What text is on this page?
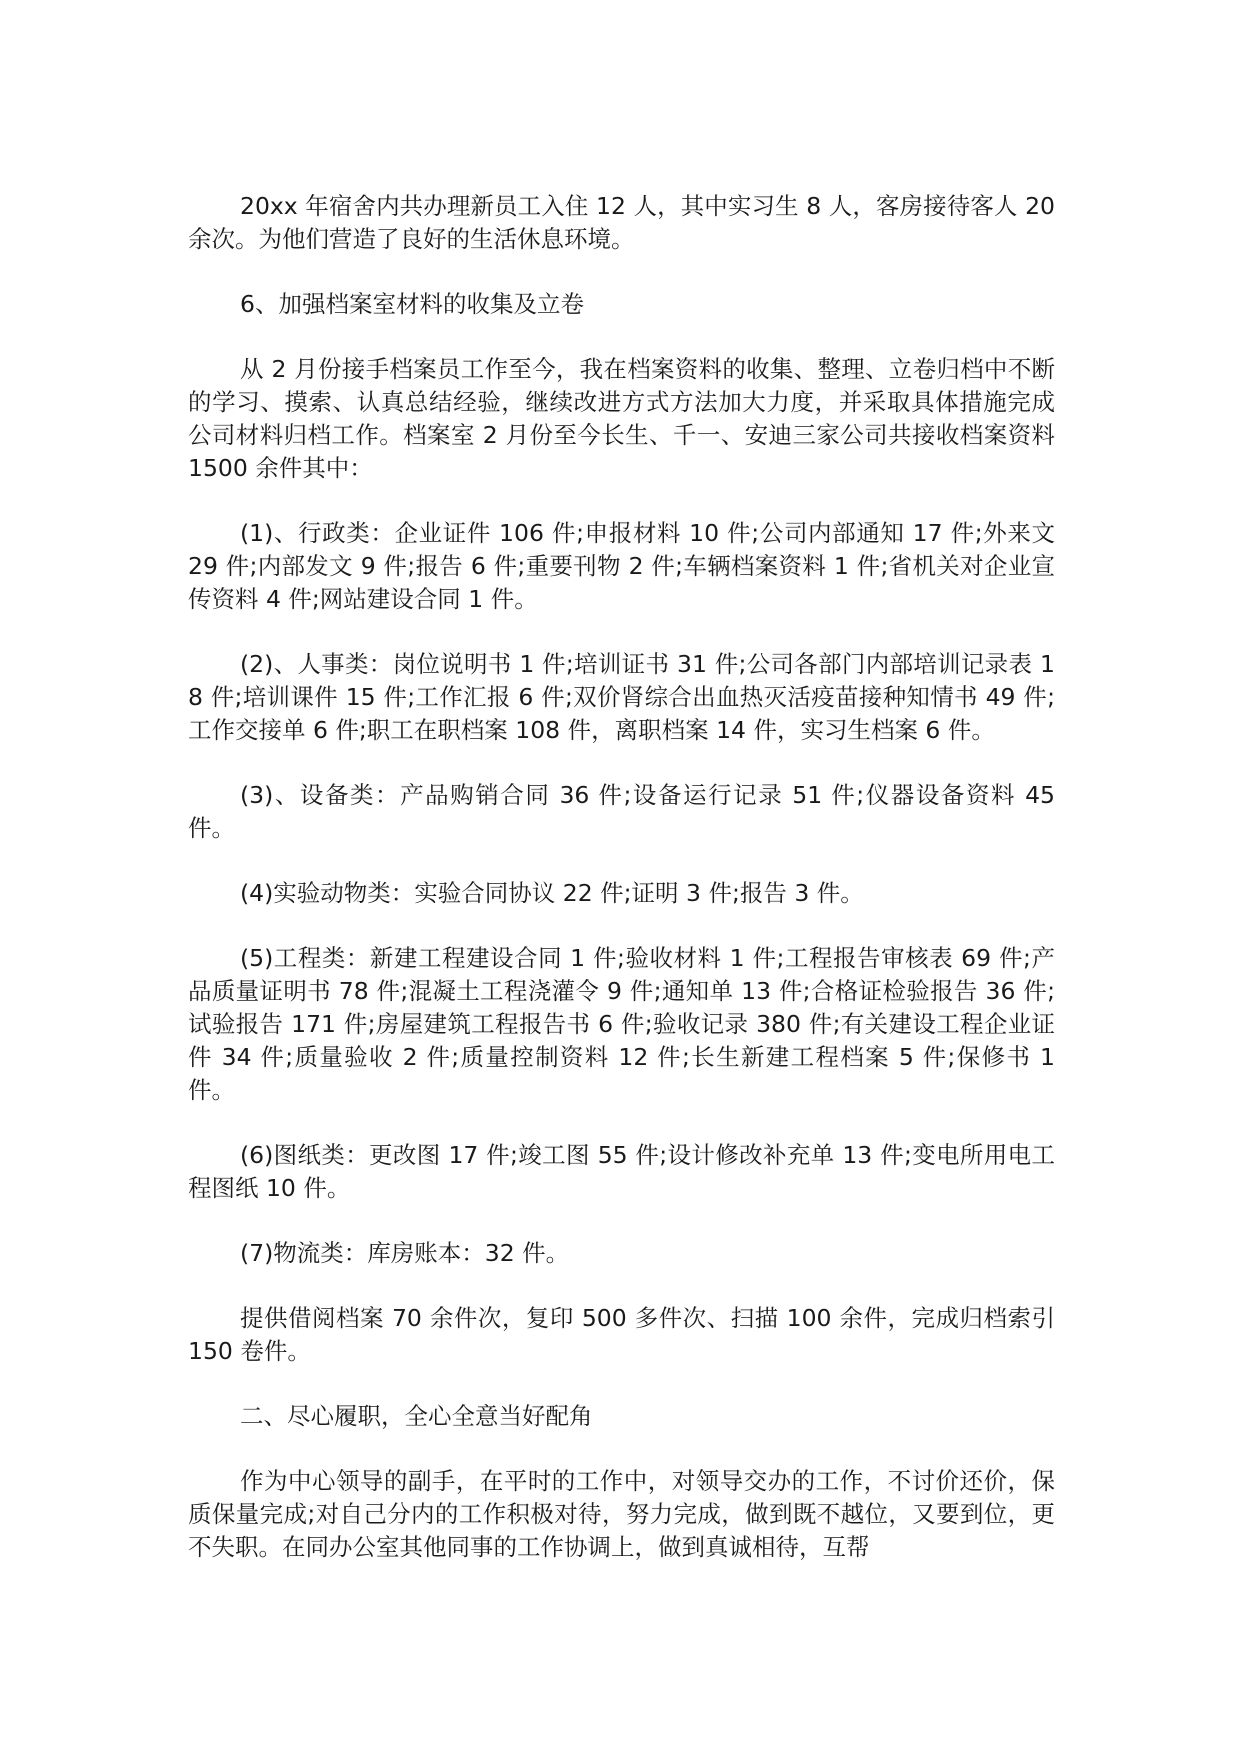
20xx 年宿舍内共办理新员工入住 12 人，其中实习生 8 人，客房接待客人 20 余次。为他们营造了良好的生活休息环境。

6、加强档案室材料的收集及立卷

从 2 月份接手档案员工作至今，我在档案资料的收集、整理、立卷归档中不断的学习、摸索、认真总结经验，继续改进方式方法加大力度，并采取具体措施完成公司材料归档工作。档案室 2 月份至今长生、千一、安迪三家公司共接收档案资料 1500 余件其中：

(1)、行政类：企业证件 106 件;申报材料 10 件;公司内部通知 17 件;外来文 29 件;内部发文 9 件;报告 6 件;重要刊物 2 件;车辆档案资料 1 件;省机关对企业宣传资料 4 件;网站建设合同 1 件。

(2)、人事类：岗位说明书 1 件;培训证书 31 件;公司各部门内部培训记录表 18 件;培训课件 15 件;工作汇报 6 件;双价肾综合出血热灭活疫苗接种知情书 49 件;工作交接单 6 件;职工在职档案 108 件，离职档案 14 件，实习生档案 6 件。

(3)、设备类：产品购销合同 36 件;设备运行记录 51 件;仪器设备资料 45 件。

(4)实验动物类：实验合同协议 22 件;证明 3 件;报告 3 件。

(5)工程类：新建工程建设合同 1 件;验收材料 1 件;工程报告审核表 69 件;产品质量证明书 78 件;混凝土工程浇灌令 9 件;通知单 13 件;合格证检验报告 36 件;试验报告 171 件;房屋建筑工程报告书 6 件;验收记录 380 件;有关建设工程企业证件 34 件;质量验收 2 件;质量控制资料 12 件;长生新建工程档案 5 件;保修书 1 件。

(6)图纸类：更改图 17 件;竣工图 55 件;设计修改补充单 13 件;变电所用电工程图纸 10 件。

(7)物流类：库房账本：32 件。

提供借阅档案 70 余件次，复印 500 多件次、扫描 100 余件，完成归档索引 150 卷件。

二、尽心履职，全心全意当好配角

作为中心领导的副手，在平时的工作中，对领导交办的工作，不讨价还价，保质保量完成;对自己分内的工作积极对待，努力完成，做到既不越位，又要到位，更不失职。在同办公室其他同事的工作协调上，做到真诚相待，互帮
